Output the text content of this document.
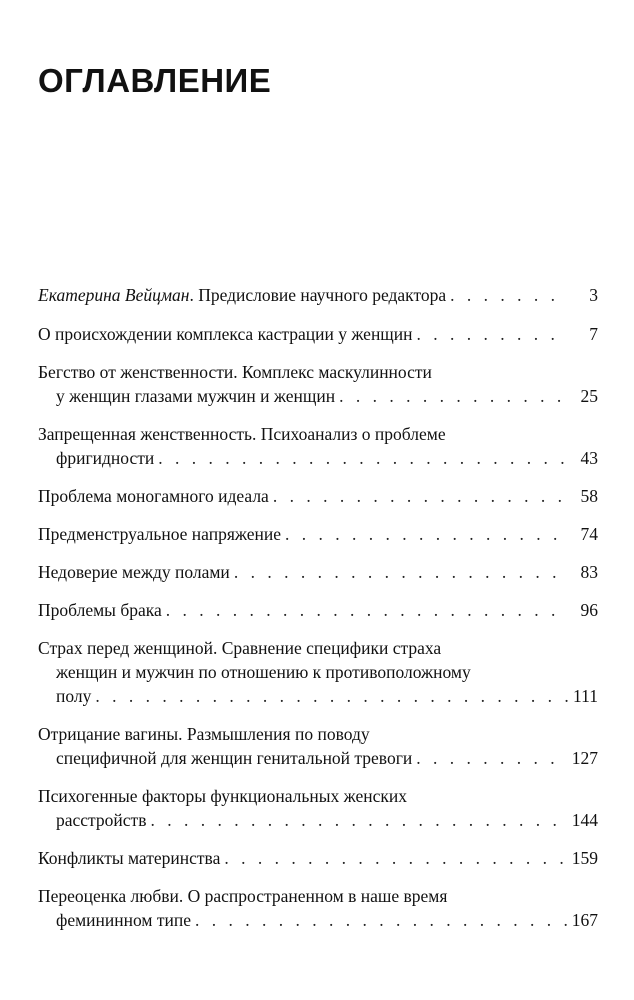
ОГЛАВЛЕНИЕ
Екатерина Вейцман. Предисловие научного редактора . . .	3
О происхождении комплекса кастрации у женщин . . .	7
Бегство от женственности. Комплекс маскулинности
у женщин глазами мужчин и женщин . . .	25
Запрещенная женственность. Психоанализ о проблеме
фригидности . . .	43
Проблема моногамного идеала . . .	58
Предменструальное напряжение . . .	74
Недоверие между полами . . .	83
Проблемы брака . . .	96
Страх перед женщиной. Сравнение специфики страха
женщин и мужчин по отношению к противоположному
полу . . .	111
Отрицание вагины. Размышления по поводу
специфичной для женщин генитальной тревоги . . .	127
Психогенные факторы функциональных женских
расстройств . . .	144
Конфликты материнства . . .	159
Переоценка любви. О распространенном в наше время
фемининном типе . . .	167
